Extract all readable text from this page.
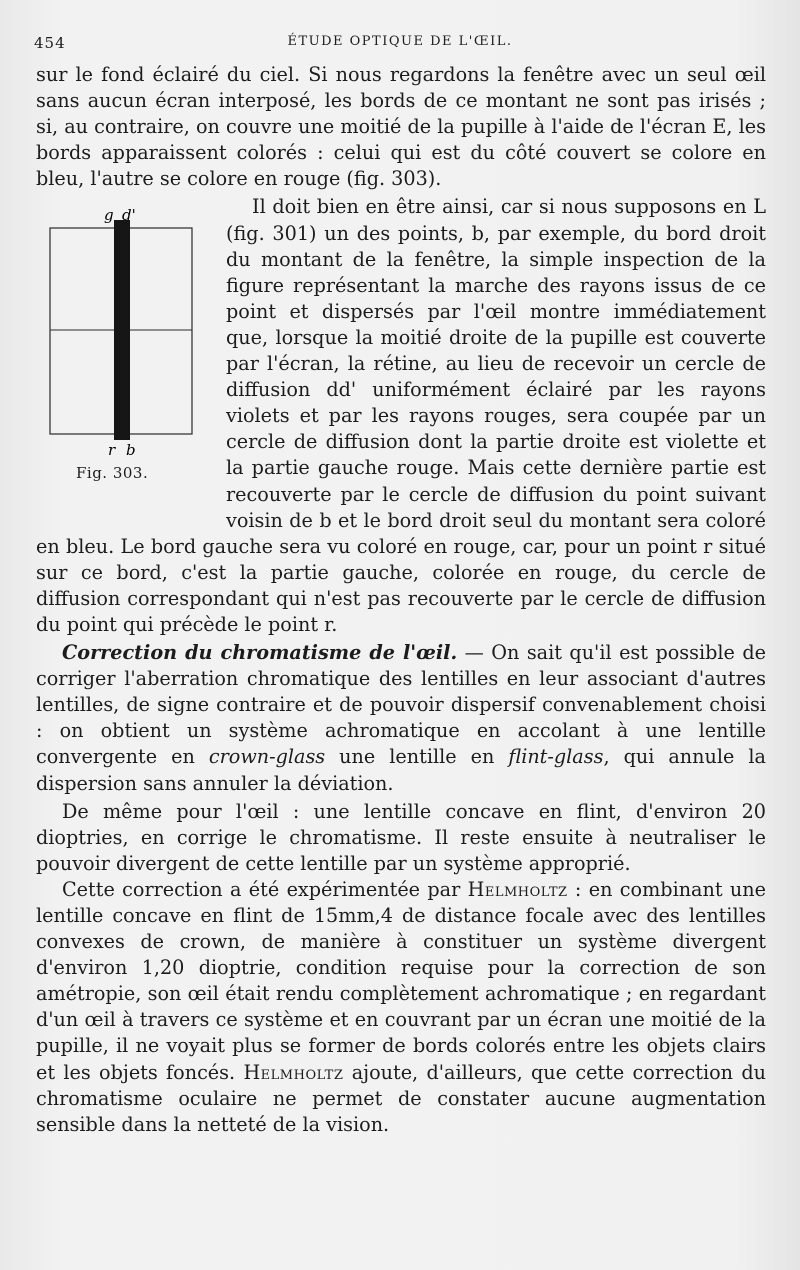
454	ÉTUDE OPTIQUE DE L'ŒIL.

sur le fond éclairé du ciel. Si nous regardons la fenêtre avec un seul œil sans aucun écran interposé, les bords de ce montant ne sont pas irisés ; si, au contraire, on couvre une moitié de la pupille à l'aide de l'écran E, les bords apparaissent colorés : celui qui est du côté couvert se colore en bleu, l'autre se colore en rouge (fig. 303).

g d'
r b
Fig. 303.

Il doit bien en être ainsi, car si nous supposons en L (fig. 301) un des points, b, par exemple, du bord droit du montant de la fenêtre, la simple inspection de la figure représentant la marche des rayons issus de ce point et dispersés par l'œil montre immédiatement que, lorsque la moitié droite de la pupille est couverte par l'écran, la rétine, au lieu de recevoir un cercle de diffusion dd' uniformément éclairé par les rayons violets et par les rayons rouges, sera coupée par un cercle de diffusion dont la partie droite est violette et la partie gauche rouge. Mais cette dernière partie est recouverte par le cercle de diffusion du point suivant voisin de b et le bord droit seul du montant sera coloré en bleu. Le bord gauche sera vu coloré en rouge, car, pour un point r situé sur ce bord, c'est la partie gauche, colorée en rouge, du cercle de diffusion correspondant qui n'est pas recouverte par le cercle de diffusion du point qui précède le point r.

Correction du chromatisme de l'œil. — On sait qu'il est possible de corriger l'aberration chromatique des lentilles en leur associant d'autres lentilles, de signe contraire et de pouvoir dispersif convenablement choisi : on obtient un système achromatique en accolant à une lentille convergente en crown-glass une lentille en flint-glass, qui annule la dispersion sans annuler la déviation.

De même pour l'œil : une lentille concave en flint, d'environ 20 dioptries, en corrige le chromatisme. Il reste ensuite à neutraliser le pouvoir divergent de cette lentille par un système approprié.

Cette correction a été expérimentée par Helmholtz : en combinant une lentille concave en flint de 15mm,4 de distance focale avec des lentilles convexes de crown, de manière à constituer un système divergent d'environ 1,20 dioptrie, condition requise pour la correction de son amétropie, son œil était rendu complètement achromatique ; en regardant d'un œil à travers ce système et en couvrant par un écran une moitié de la pupille, il ne voyait plus se former de bords colorés entre les objets clairs et les objets foncés. Helmholtz ajoute, d'ailleurs, que cette correction du chromatisme oculaire ne permet de constater aucune augmentation sensible dans la netteté de la vision.
